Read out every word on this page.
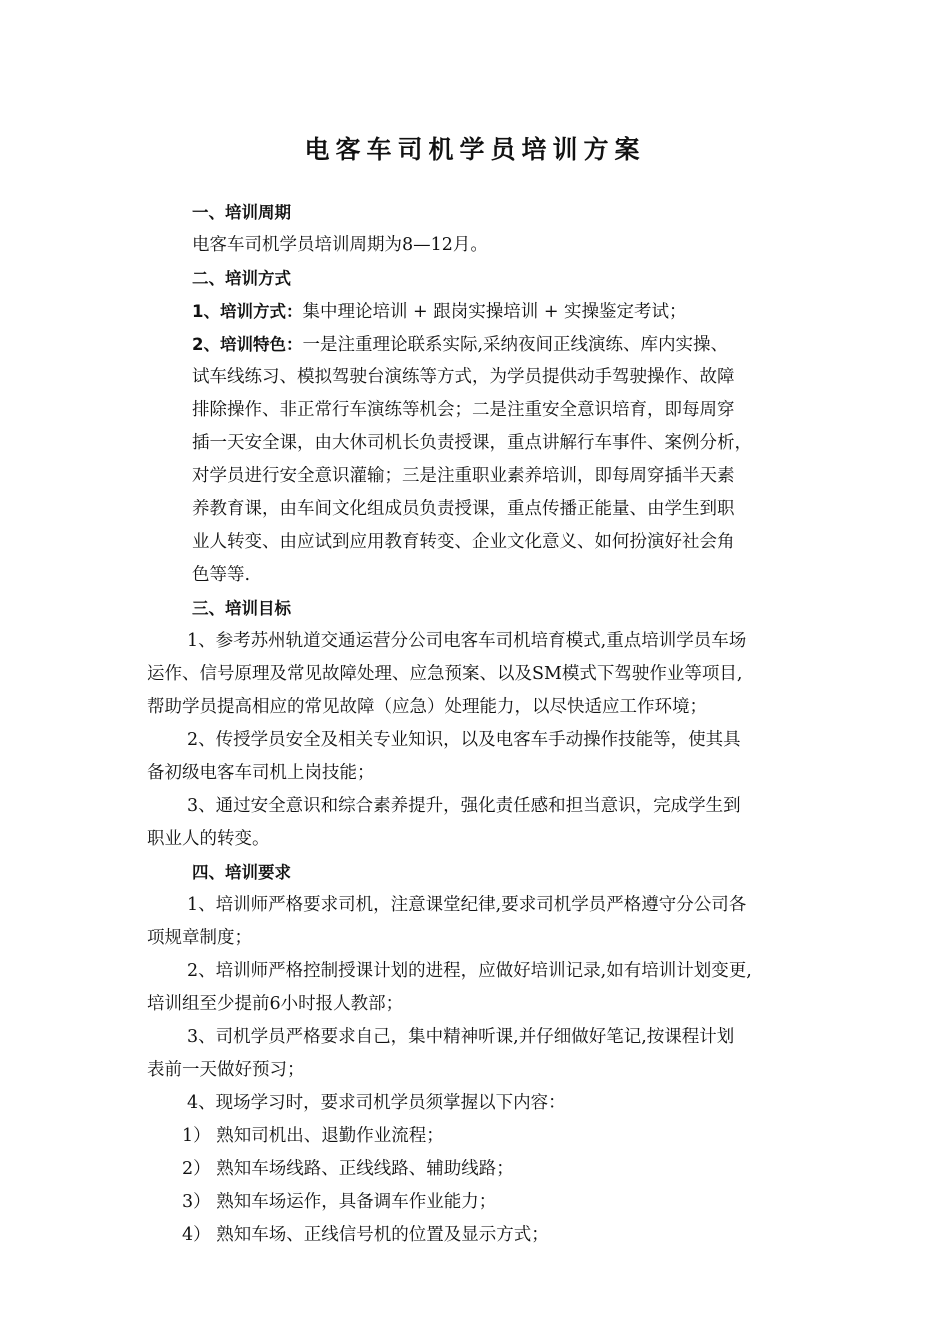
电客车司机学员培训方案
一、培训周期
电客车司机学员培训周期为8—12月。
二、培训方式
1、培训方式：集中理论培训 + 跟岗实操培训 + 实操鉴定考试；
2、培训特色：一是注重理论联系实际,采纳夜间正线演练、库内实操、
试车线练习、模拟驾驶台演练等方式，为学员提供动手驾驶操作、故障
排除操作、非正常行车演练等机会；二是注重安全意识培育，即每周穿
插一天安全课，由大休司机长负责授课，重点讲解行车事件、案例分析，
对学员进行安全意识灌输；三是注重职业素养培训，即每周穿插半天素
养教育课，由车间文化组成员负责授课，重点传播正能量、由学生到职
业人转变、由应试到应用教育转变、企业文化意义、如何扮演好社会角
色等等.
三、培训目标
1、参考苏州轨道交通运营分公司电客车司机培育模式,重点培训学员车场
运作、信号原理及常见故障处理、应急预案、以及SM模式下驾驶作业等项目,
帮助学员提高相应的常见故障（应急）处理能力，以尽快适应工作环境；
2、传授学员安全及相关专业知识，以及电客车手动操作技能等，使其具
备初级电客车司机上岗技能；
3、通过安全意识和综合素养提升，强化责任感和担当意识，完成学生到
职业人的转变。
四、培训要求
1、培训师严格要求司机，注意课堂纪律,要求司机学员严格遵守分公司各
项规章制度；
2、培训师严格控制授课计划的进程，应做好培训记录,如有培训计划变更,
培训组至少提前6小时报人教部；
3、司机学员严格要求自己，集中精神听课,并仔细做好笔记,按课程计划
表前一天做好预习；
4、现场学习时，要求司机学员须掌握以下内容：
1） 熟知司机出、退勤作业流程；
2） 熟知车场线路、正线线路、辅助线路；
3） 熟知车场运作，具备调车作业能力；
4） 熟知车场、正线信号机的位置及显示方式；
